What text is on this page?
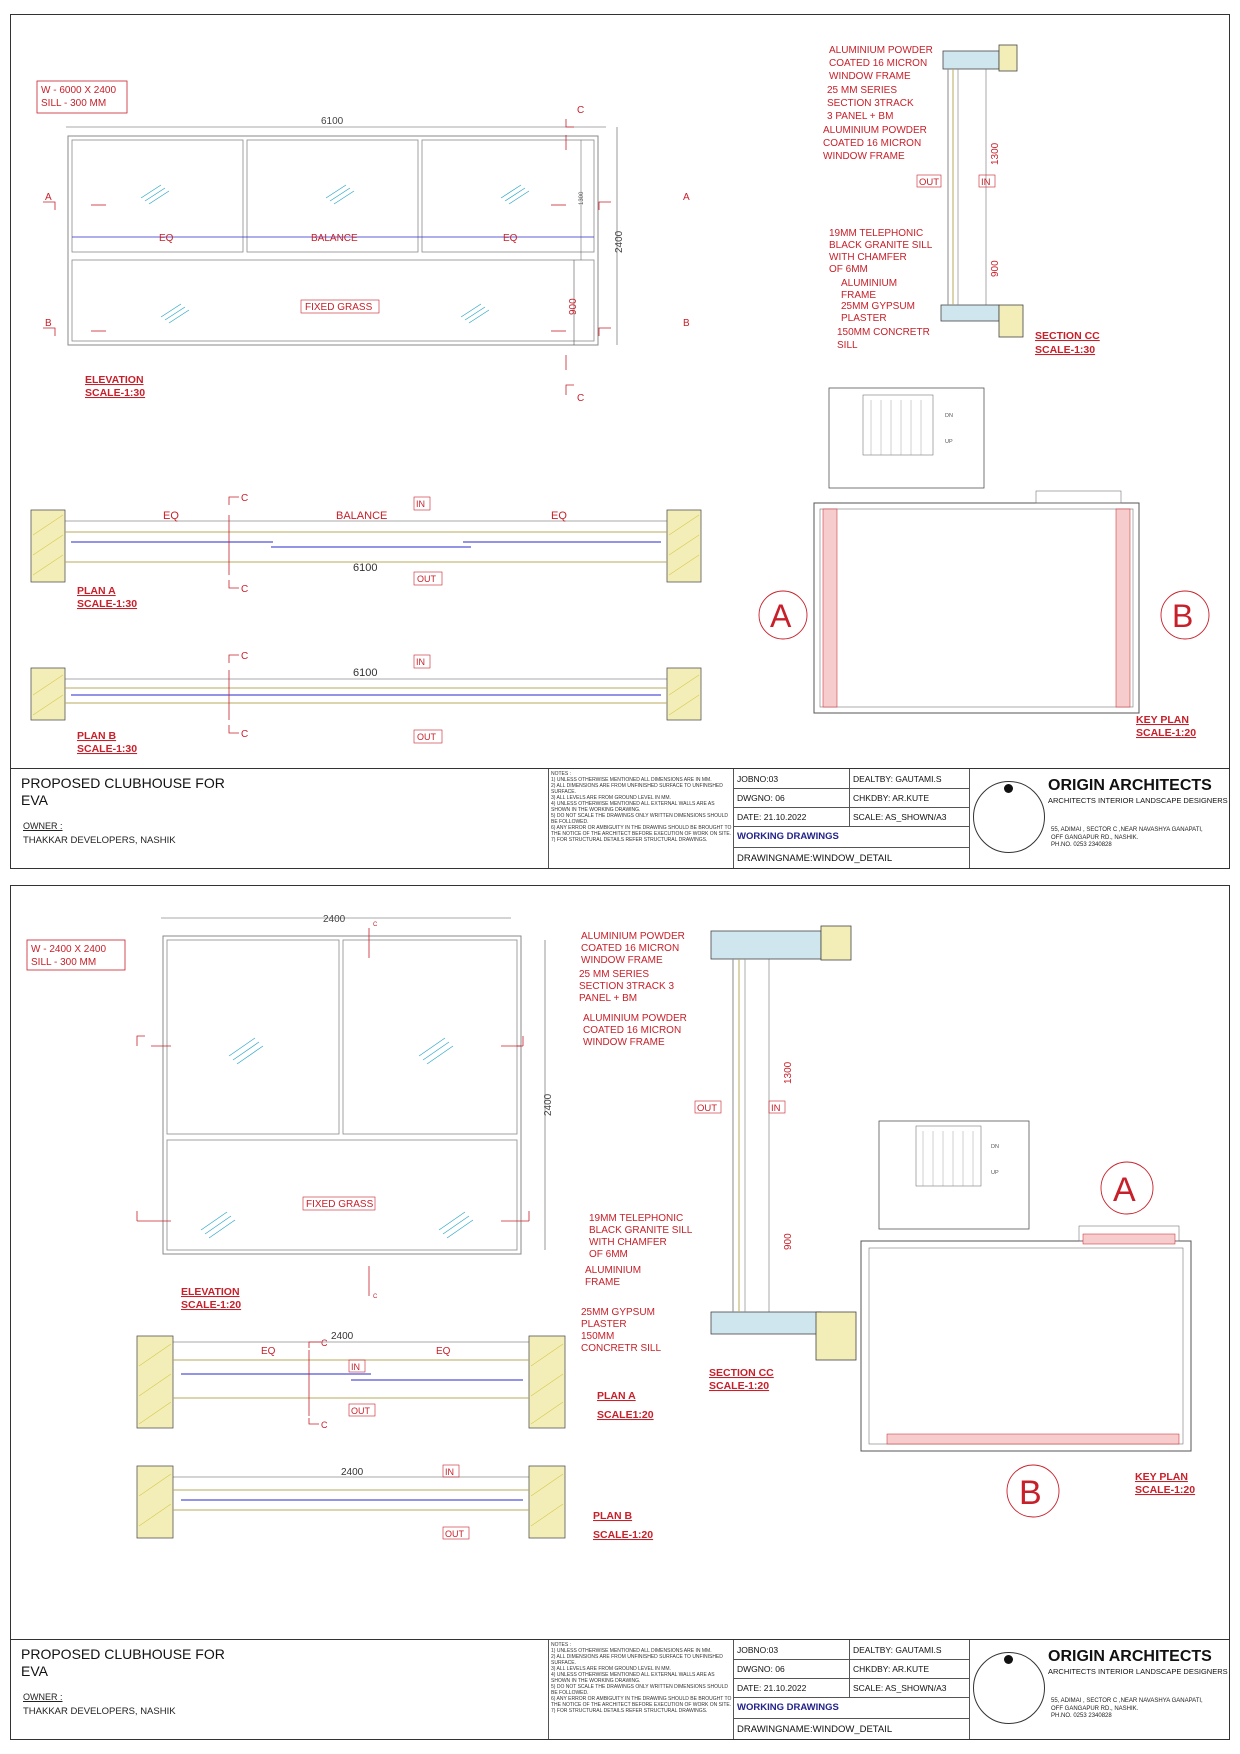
W - 6000 X 2400
SILL - 300 MM
6100
EQ	BALANCE	EQ
FIXED GRASS
2400
1300
900
A	A
B	B
C
C
ELEVATION
SCALE-1:30
EQ	BALANCE	EQ
IN
6100
OUT
C
C
PLAN A
SCALE-1:30
6100
IN
OUT
C
C
PLAN B
SCALE-1:30
1300
900
OUT	IN
ALUMINIUM POWDER
COATED 16 MICRON
WINDOW FRAME
25 MM SERIES
SECTION 3TRACK
3 PANEL + BM
ALUMINIUM POWDER
COATED 16 MICRON
WINDOW FRAME
19MM TELEPHONIC
BLACK GRANITE SILL
WITH CHAMFER
OF 6MM
ALUMINIUM
FRAME
25MM GYPSUM
PLASTER
150MM CONCRETR
SILL
SECTION CC
SCALE-1:30
DN
UP
A	B
KEY PLAN
SCALE-1:20
PROPOSED CLUBHOUSE FOR EVA
OWNER :
THAKKAR DEVELOPERS, NASHIK

NOTES :

1) UNLESS OTHERWISE MENTIONED ALL DIMENSIONS ARE IN MM.

2) ALL DIMENSIONS ARE FROM UNFINISHED SURFACE TO UNFINISHED SURFACE.

3) ALL LEVELS ARE FROM GROUND LEVEL IN MM.

4) UNLESS OTHERWISE MENTIONED ALL EXTERNAL WALLS ARE AS SHOWN IN THE WORKING DRAWING.

5) DO NOT SCALE THE DRAWINGS ONLY WRITTEN DIMENSIONS SHOULD BE FOLLOWED.

6) ANY ERROR OR AMBIGUITY IN THE DRAWING SHOULD BE BROUGHT TO THE NOTICE OF THE ARCHITECT BEFORE EXECUTION OF WORK ON SITE.

7) FOR STRUCTURAL DETAILS REFER STRUCTURAL DRAWINGS.

JOBNO:03	DEALTBY: GAUTAMI.S
DWGNO: 06	CHKDBY: AR.KUTE
DATE: 21.10.2022	SCALE: AS_SHOWN/A3
WORKING DRAWINGS
DRAWINGNAME:WINDOW_DETAIL
ORIGIN ARCHITECTS
ARCHITECTS INTERIOR LANDSCAPE DESIGNERS
55, ADIMAI , SECTOR C ,NEAR NAVASHYA GANAPATI,
OFF GANGAPUR RD., NASHIK.
PH.NO. 0253 2340828
W - 2400 X 2400
SILL - 300 MM
2400
FIXED GRASS
2400
C
C
ELEVATION
SCALE-1:20
2400
EQ	EQ
IN
OUT
C
C
PLAN A
SCALE1:20
2400	IN
OUT
PLAN B
SCALE-1:20
1300
900
OUT	IN
ALUMINIUM POWDER
COATED 16 MICRON
WINDOW FRAME
25 MM SERIES
SECTION 3TRACK 3
PANEL + BM
ALUMINIUM POWDER
COATED 16 MICRON
WINDOW FRAME
19MM TELEPHONIC
BLACK GRANITE SILL
WITH CHAMFER
OF 6MM
ALUMINIUM
FRAME
25MM GYPSUM
PLASTER
150MM
CONCRETR SILL
SECTION CC
SCALE-1:20
DN
UP	A
B	KEY PLAN
SCALE-1:20
PROPOSED CLUBHOUSE FOR EVA
OWNER :
THAKKAR DEVELOPERS, NASHIK

NOTES :

1) UNLESS OTHERWISE MENTIONED ALL DIMENSIONS ARE IN MM.

2) ALL DIMENSIONS ARE FROM UNFINISHED SURFACE TO UNFINISHED SURFACE.

3) ALL LEVELS ARE FROM GROUND LEVEL IN MM.

4) UNLESS OTHERWISE MENTIONED ALL EXTERNAL WALLS ARE AS SHOWN IN THE WORKING DRAWING.

5) DO NOT SCALE THE DRAWINGS ONLY WRITTEN DIMENSIONS SHOULD BE FOLLOWED.

6) ANY ERROR OR AMBIGUITY IN THE DRAWING SHOULD BE BROUGHT TO THE NOTICE OF THE ARCHITECT BEFORE EXECUTION OF WORK ON SITE.

7) FOR STRUCTURAL DETAILS REFER STRUCTURAL DRAWINGS.

JOBNO:03	DEALTBY: GAUTAMI.S
DWGNO: 06	CHKDBY: AR.KUTE
DATE: 21.10.2022	SCALE: AS_SHOWN/A3
WORKING DRAWINGS
DRAWINGNAME:WINDOW_DETAIL
ORIGIN ARCHITECTS
ARCHITECTS INTERIOR LANDSCAPE DESIGNERS
55, ADIMAI , SECTOR C ,NEAR NAVASHYA GANAPATI,
OFF GANGAPUR RD., NASHIK.
PH.NO. 0253 2340828
